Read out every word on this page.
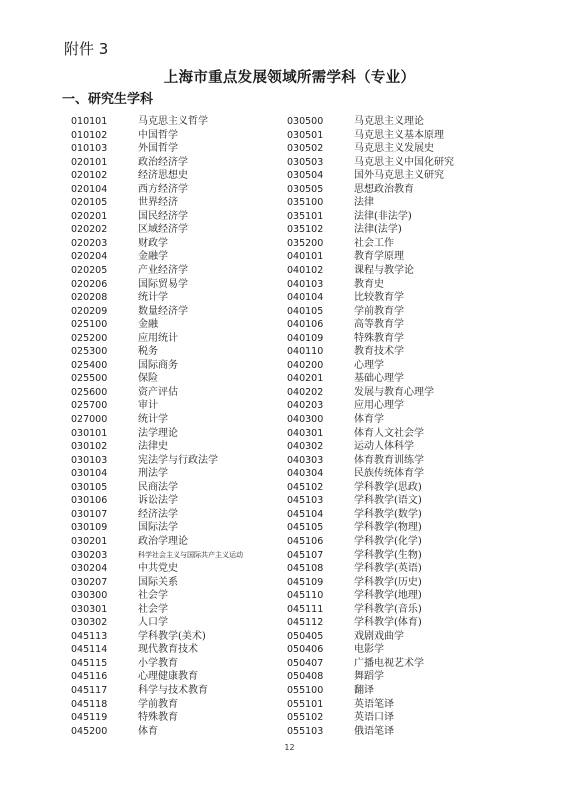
附件 3
上海市重点发展领域所需学科（专业）
一、研究生学科
010101	马克思主义哲学
010102	中国哲学
010103	外国哲学
020101	政治经济学
020102	经济思想史
020104	西方经济学
020105	世界经济
020201	国民经济学
020202	区域经济学
020203	财政学
020204	金融学
020205	产业经济学
020206	国际贸易学
020208	统计学
020209	数量经济学
025100	金融
025200	应用统计
025300	税务
025400	国际商务
025500	保险
025600	资产评估
025700	审计
027000	统计学
030101	法学理论
030102	法律史
030103	宪法学与行政法学
030104	刑法学
030105	民商法学
030106	诉讼法学
030107	经济法学
030109	国际法学
030201	政治学理论
030203	科学社会主义与国际共产主义运动
030204	中共党史
030207	国际关系
030300	社会学
030301	社会学
030302	人口学
045113	学科教学(美术)
045114	现代教育技术
045115	小学教育
045116	心理健康教育
045117	科学与技术教育
045118	学前教育
045119	特殊教育
045200	体育
030500	马克思主义理论
030501	马克思主义基本原理
030502	马克思主义发展史
030503	马克思主义中国化研究
030504	国外马克思主义研究
030505	思想政治教育
035100	法律
035101	法律(非法学)
035102	法律(法学)
035200	社会工作
040101	教育学原理
040102	课程与教学论
040103	教育史
040104	比较教育学
040105	学前教育学
040106	高等教育学
040109	特殊教育学
040110	教育技术学
040200	心理学
040201	基础心理学
040202	发展与教育心理学
040203	应用心理学
040300	体育学
040301	体育人文社会学
040302	运动人体科学
040303	体育教育训练学
040304	民族传统体育学
045102	学科教学(思政)
045103	学科教学(语文)
045104	学科教学(数学)
045105	学科教学(物理)
045106	学科教学(化学)
045107	学科教学(生物)
045108	学科教学(英语)
045109	学科教学(历史)
045110	学科教学(地理)
045111	学科教学(音乐)
045112	学科教学(体育)
050405	戏剧戏曲学
050406	电影学
050407	广播电视艺术学
050408	舞蹈学
055100	翻译
055101	英语笔译
055102	英语口译
055103	俄语笔译
12
